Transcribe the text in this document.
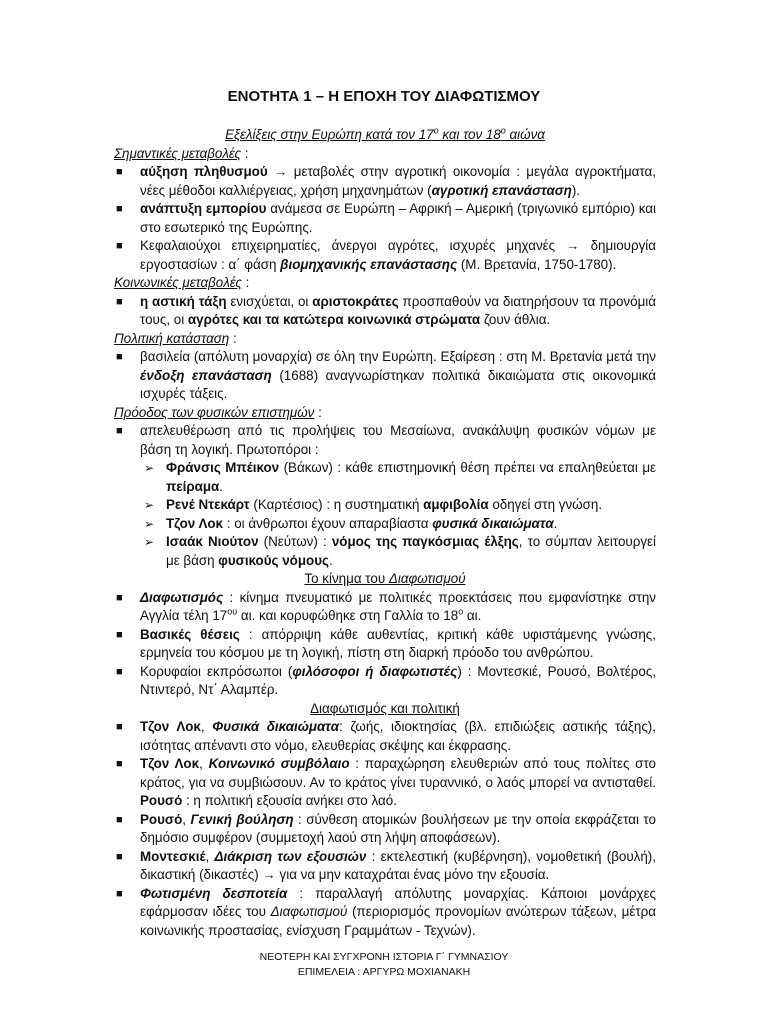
ΕΝΟΤΗΤΑ 1 – Η ΕΠΟΧΗ ΤΟΥ ΔΙΑΦΩΤΙΣΜΟΥ
Εξελίξεις στην Ευρώπη κατά τον $17^o$ και τον $18^o$ αιώνα
Σημαντικές μεταβολές :
■ αύξηση πληθυσμού → μεταβολές στην αγροτική οικονομία : μεγάλα αγροκτήματα, νέες μέθοδοι καλλιέργειας, χρήση μηχανημάτων (αγροτική επανάσταση).
■ ανάπτυξη εμπορίου ανάμεσα σε Ευρώπη – Αφρική – Αμερική (τριγωνικό εμπόριο) και στο εσωτερικό της Ευρώπης.
■ Κεφαλαιούχοι επιχειρηματίες, άνεργοι αγρότες, ισχυρές μηχανές → δημιουργία εργοστασίων : α΄ φάση βιομηχανικής επανάστασης (Μ. Βρετανία, 1750-1780).
Κοινωνικές μεταβολές :
■ η αστική τάξη ενισχύεται, οι αριστοκράτες προσπαθούν να διατηρήσουν τα προνόμιά τους, οι αγρότες και τα κατώτερα κοινωνικά στρώματα ζουν άθλια.
Πολιτική κατάσταση :
■ βασιλεία (απόλυτη μοναρχία) σε όλη την Ευρώπη. Εξαίρεση : στη Μ. Βρετανία μετά την ένδοξη επανάσταση (1688) αναγνωρίστηκαν πολιτικά δικαιώματα στις οικονομικά ισχυρές τάξεις.
Πρόοδος των φυσικών επιστημών :
■ απελευθέρωση από τις προλήψεις του Μεσαίωνα, ανακάλυψη φυσικών νόμων με βάση τη λογική. Πρωτοπόροι :
➢ Φράνσις Μπέικον (Βάκων) : κάθε επιστημονική θέση πρέπει να επαληθεύεται με πείραμα.
➢ Ρενέ Ντεκάρτ (Καρτέσιος) : η συστηματική αμφιβολία οδηγεί στη γνώση.
➢ Τζον Λοκ : οι άνθρωποι έχουν απαραβίαστα φυσικά δικαιώματα.
➢ Ισαάκ Νιούτον (Νεύτων) : νόμος της παγκόσμιας έλξης, το σύμπαν λειτουργεί με βάση φυσικούς νόμους.
Το κίνημα του Διαφωτισμού
■ Διαφωτισμός : κίνημα πνευματικό με πολιτικές προεκτάσεις που εμφανίστηκε στην Αγγλία τέλη $17^{o\upsilon}$ αι. και κορυφώθηκε στη Γαλλία το $18^o$ αι.
■ Βασικές θέσεις : απόρριψη κάθε αυθεντίας, κριτική κάθε υφιστάμενης γνώσης, ερμηνεία του κόσμου με τη λογική, πίστη στη διαρκή πρόοδο του ανθρώπου.
■ Κορυφαίοι εκπρόσωποι (φιλόσοφοι ή διαφωτιστές) : Μοντεσκιέ, Ρουσό, Βολτέρος, Ντιντερό, Ντ΄ Αλαμπέρ.
Διαφωτισμός και πολιτική
■ Τζον Λοκ, Φυσικά δικαιώματα: ζωής, ιδιοκτησίας (βλ. επιδιώξεις αστικής τάξης), ισότητας απέναντι στο νόμο, ελευθερίας σκέψης και έκφρασης.
■ Τζον Λοκ, Κοινωνικό συμβόλαιο : παραχώρηση ελευθεριών από τους πολίτες στο κράτος, για να συμβιώσουν. Αν το κράτος γίνει τυραννικό, ο λαός μπορεί να αντισταθεί. Ρουσό : η πολιτική εξουσία ανήκει στο λαό.
■ Ρουσό, Γενική βούληση : σύνθεση ατομικών βουλήσεων με την οποία εκφράζεται το δημόσιο συμφέρον (συμμετοχή λαού στη λήψη αποφάσεων).
■ Μοντεσκιέ, Διάκριση των εξουσιών : εκτελεστική (κυβέρνηση), νομοθετική (βουλή), δικαστική (δικαστές) → για να μην καταχράται ένας μόνο την εξουσία.
■ Φωτισμένη δεσποτεία : παραλλαγή απόλυτης μοναρχίας. Κάποιοι μονάρχες εφάρμοσαν ιδέες του Διαφωτισμού (περιορισμός προνομίων ανώτερων τάξεων, μέτρα κοινωνικής προστασίας, ενίσχυση Γραμμάτων - Τεχνών).
ΝΕΟΤΕΡΗ ΚΑΙ ΣΥΓΧΡΟΝΗ ΙΣΤΟΡΙΑ Γ΄ ΓΥΜΝΑΣΙΟΥ
ΕΠΙΜΕΛΕΙΑ : ΑΡΓΥΡΩ ΜΟΧΙΑΝΑΚΗ
